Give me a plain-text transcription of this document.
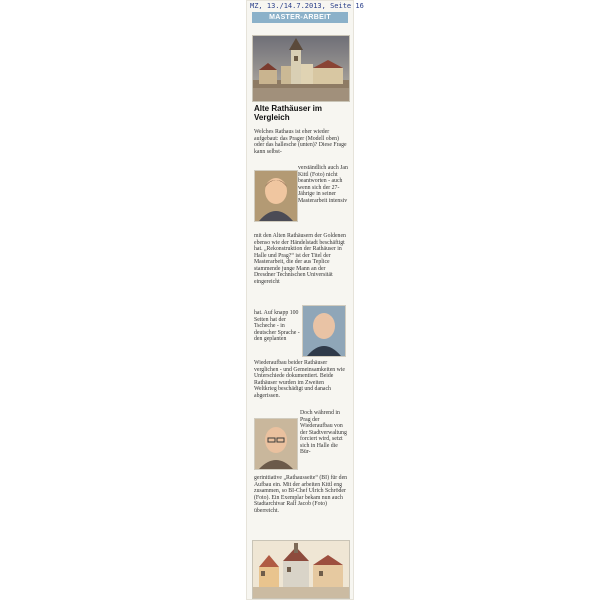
MZ, 13./14.7.2013, Seite 16
MASTER-ARBEIT
Alte Rathäuser im Vergleich
Welches Rathaus ist eher wieder aufgebaut: das Prager (Modell oben) oder das hallesche (unten)? Diese Frage kann selbst-
verständlich auch Jan Kittl (Foto) nicht beantworten - auch wenn sich der 27-Jährige in seiner Masterarbeit intensiv
mit den Alten Rathäusern der Goldenen ebenso wie der Händelstadt beschäftigt hat. „Rekonstruktion der Rathäuser in Halle und Prag?“ ist der Titel der Masterarbeit, die der aus Teplice stammende junge Mann an der Dresdner Technischen Universität eingereicht
hat. Auf knapp 100 Seiten hat der Tscheche - in deutscher Sprache - den geplanten
Wiederaufbau beider Rathäuser verglichen - und Gemeinsamkeiten wie Unterschiede dokumentiert. Beide Rathäuser wurden im Zweiten Weltkrieg beschädigt und danach abgerissen.
Doch während in Prag der Wiederaufbau von der Stadtverwaltung forciert wird, setzt sich in Halle die Bür-
gerinitiative „Rathausseite“ (BI) für den Aufbau ein. Mit der arbeiten Kittl eng zusammen, so BI-Chef Ulrich Schröder (Foto). Ein Exemplar bekam nun auch Stadtarchivar Ralf Jacob (Foto) überreicht.
